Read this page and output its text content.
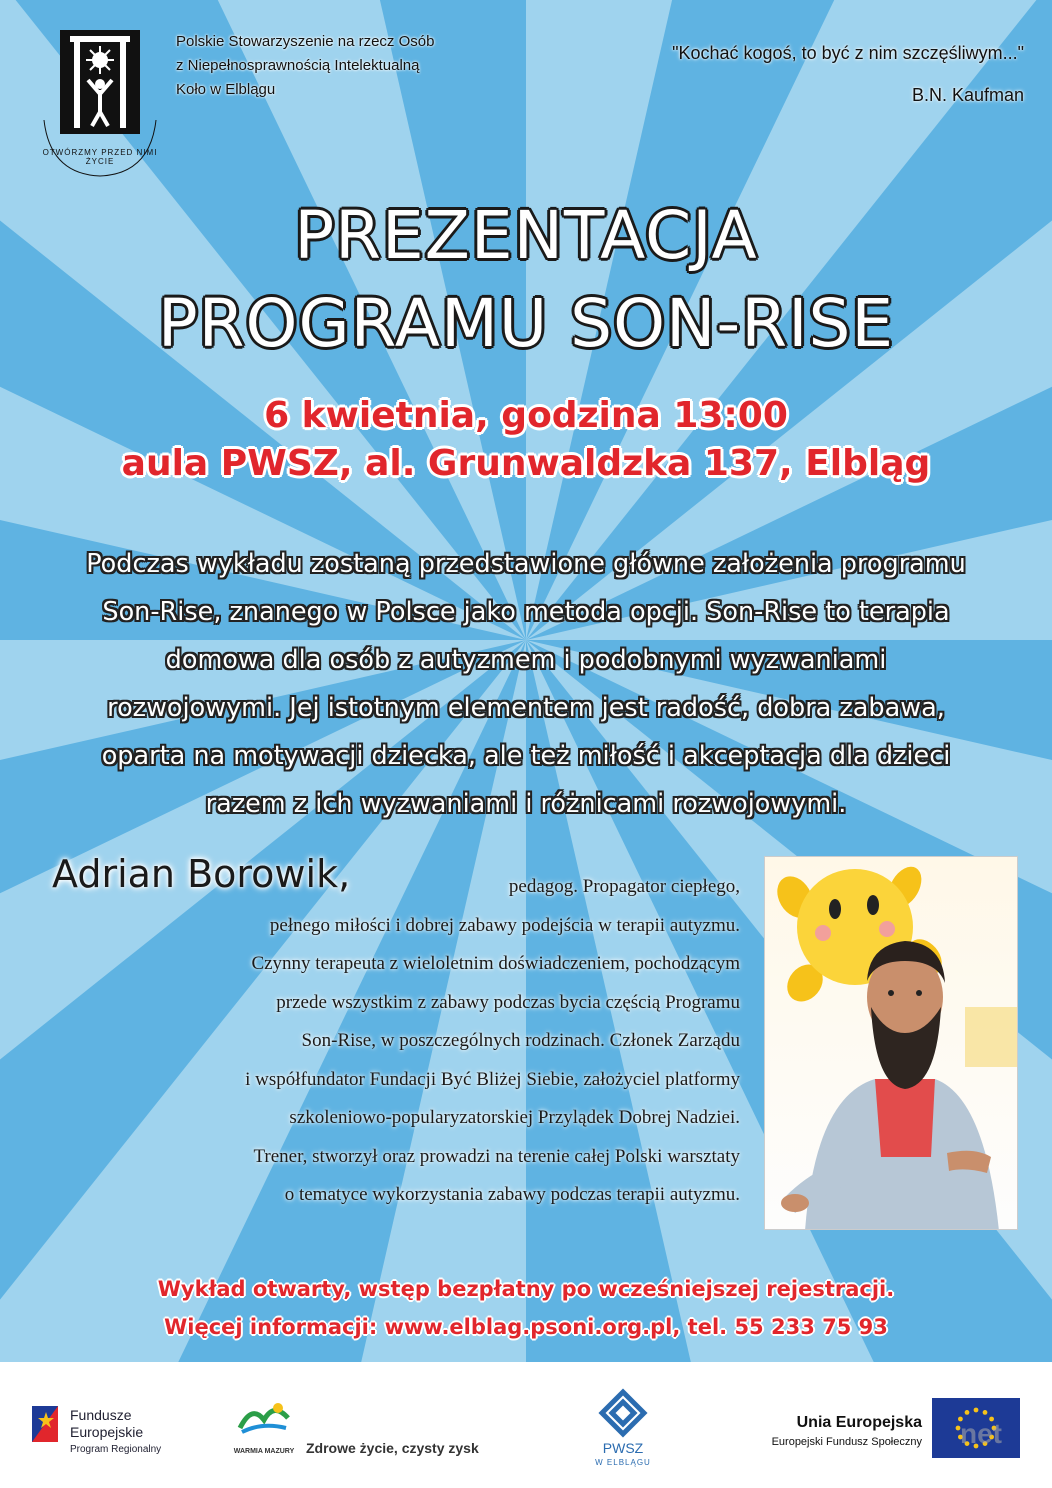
OTWÓRZMY PRZED NIMI ŻYCIE
Polskie Stowarzyszenie na rzecz Osób
z Niepełnosprawnością Intelektualną
Koło w Elblągu
"Kochać kogoś, to być z nim szczęśliwym..."
B.N. Kaufman
PREZENTACJA
PROGRAMU SON-RISE
6 kwietnia, godzina 13:00
aula PWSZ, al. Grunwaldzka 137, Elbląg
Podczas wykładu zostaną przedstawione główne założenia programu
Son-Rise, znanego w Polsce jako metoda opcji. Son-Rise to terapia
domowa dla osób z autyzmem i podobnymi wyzwaniami
rozwojowymi. Jej istotnym elementem jest radość, dobra zabawa,
oparta na motywacji dziecka, ale też miłość i akceptacja dla dzieci
razem z ich wyzwaniami i różnicami rozwojowymi.
Adrian Borowik,	pedagog. Propagator ciepłego,
pełnego miłości i dobrej zabawy podejścia w terapii autyzmu.
Czynny terapeuta z wieloletnim doświadczeniem, pochodzącym
przede wszystkim z zabawy podczas bycia częścią Programu
Son-Rise, w poszczególnych rodzinach. Członek Zarządu
i współfundator Fundacji Być Bliżej Siebie, założyciel platformy
szkoleniowo-popularyzatorskiej Przylądek Dobrej Nadziei.
Trener, stworzył oraz prowadzi na terenie całej Polski warsztaty
o tematyce wykorzystania zabawy podczas terapii autyzmu.
Wykład otwarty, wstęp bezpłatny po wcześniejszej rejestracji.
Więcej informacji: www.elblag.psoni.org.pl, tel. 55 233 75 93
Fundusze
Europejskie
Program Regionalny	WARMIA MAZURY Zdrowe życie, czysty zysk	PWSZ
W ELBLĄGU
Unia Europejska
Europejski Fundusz Społeczny net
